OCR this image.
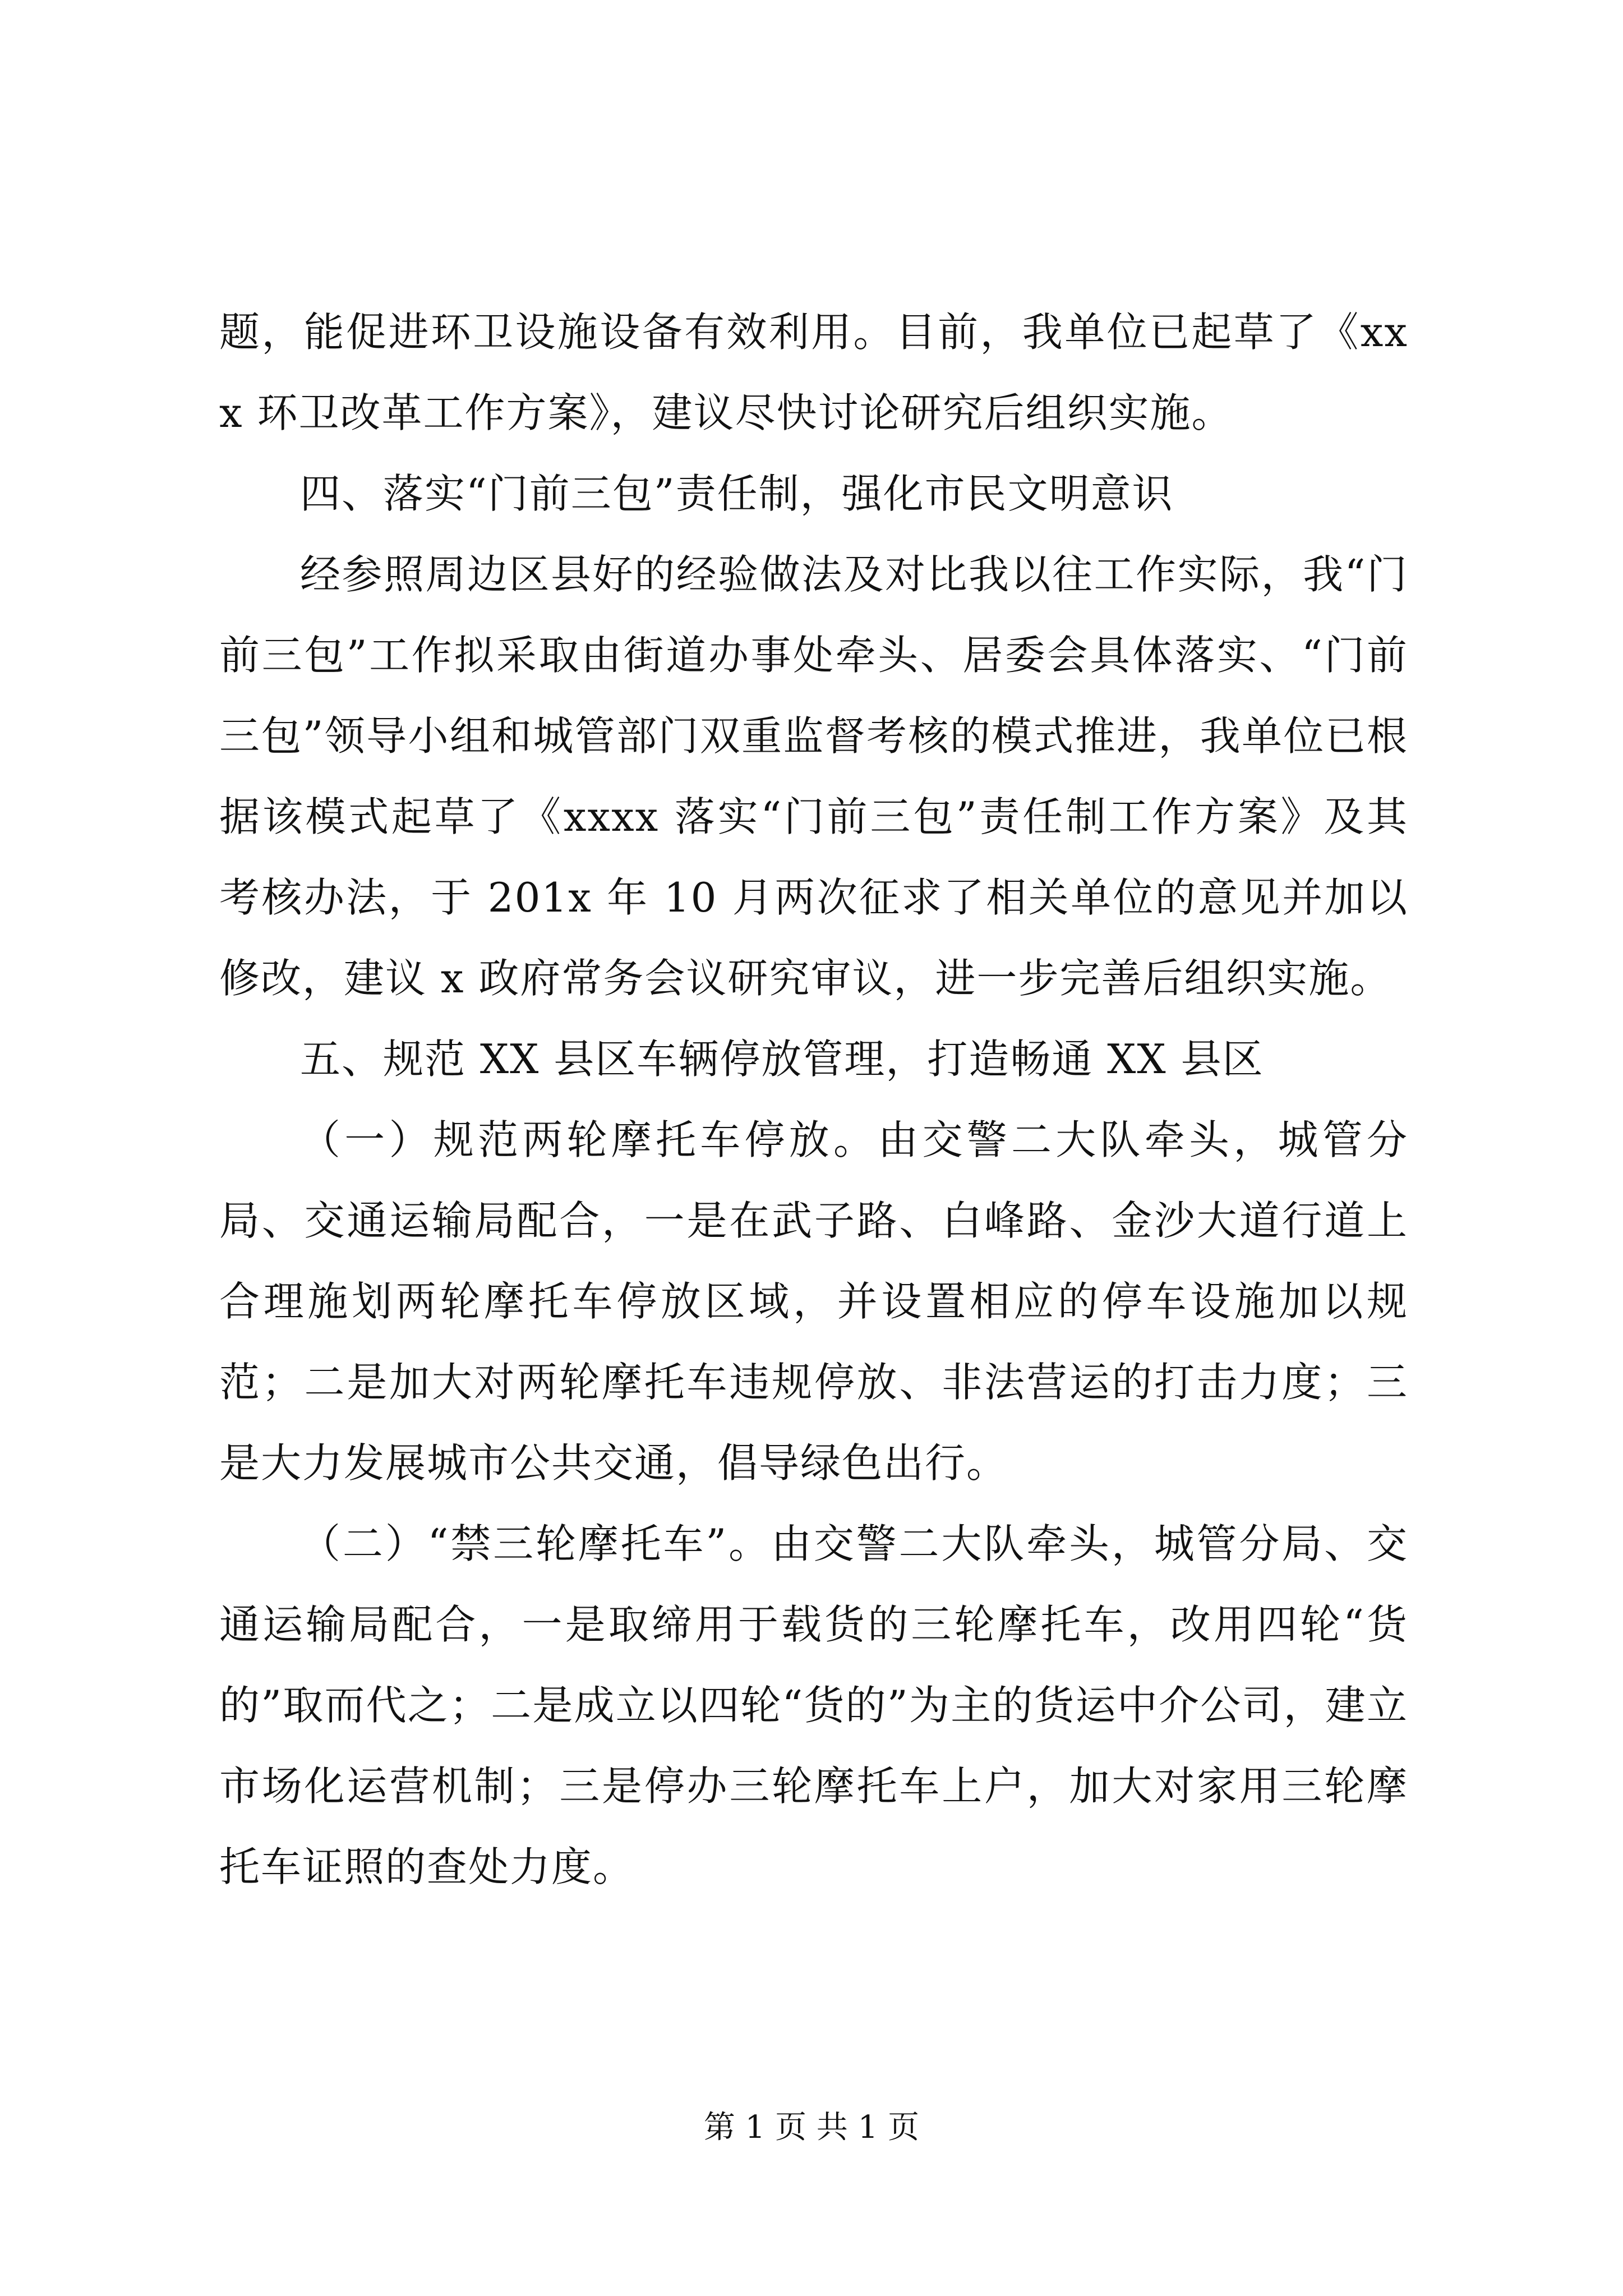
题，能促进环卫设施设备有效利用。目前，我单位已起草了《xxx 环卫改革工作方案》，建议尽快讨论研究后组织实施。

四、落实“门前三包”责任制，强化市民文明意识

经参照周边区县好的经验做法及对比我以往工作实际，我“门前三包”工作拟采取由街道办事处牵头、居委会具体落实、“门前三包”领导小组和城管部门双重监督考核的模式推进，我单位已根据该模式起草了《xxxx 落实“门前三包”责任制工作方案》及其考核办法，于 201x 年 10 月两次征求了相关单位的意见并加以修改，建议 x 政府常务会议研究审议，进一步完善后组织实施。

五、规范 XX 县区车辆停放管理，打造畅通 XX 县区

（一）规范两轮摩托车停放。由交警二大队牵头，城管分局、交通运输局配合，一是在武子路、白峰路、金沙大道行道上合理施划两轮摩托车停放区域，并设置相应的停车设施加以规范；二是加大对两轮摩托车违规停放、非法营运的打击力度；三是大力发展城市公共交通，倡导绿色出行。

（二）“禁三轮摩托车”。由交警二大队牵头，城管分局、交通运输局配合，一是取缔用于载货的三轮摩托车，改用四轮“货的”取而代之；二是成立以四轮“货的”为主的货运中介公司，建立市场化运营机制；三是停办三轮摩托车上户，加大对家用三轮摩托车证照的查处力度。

第 1 页 共 1 页
